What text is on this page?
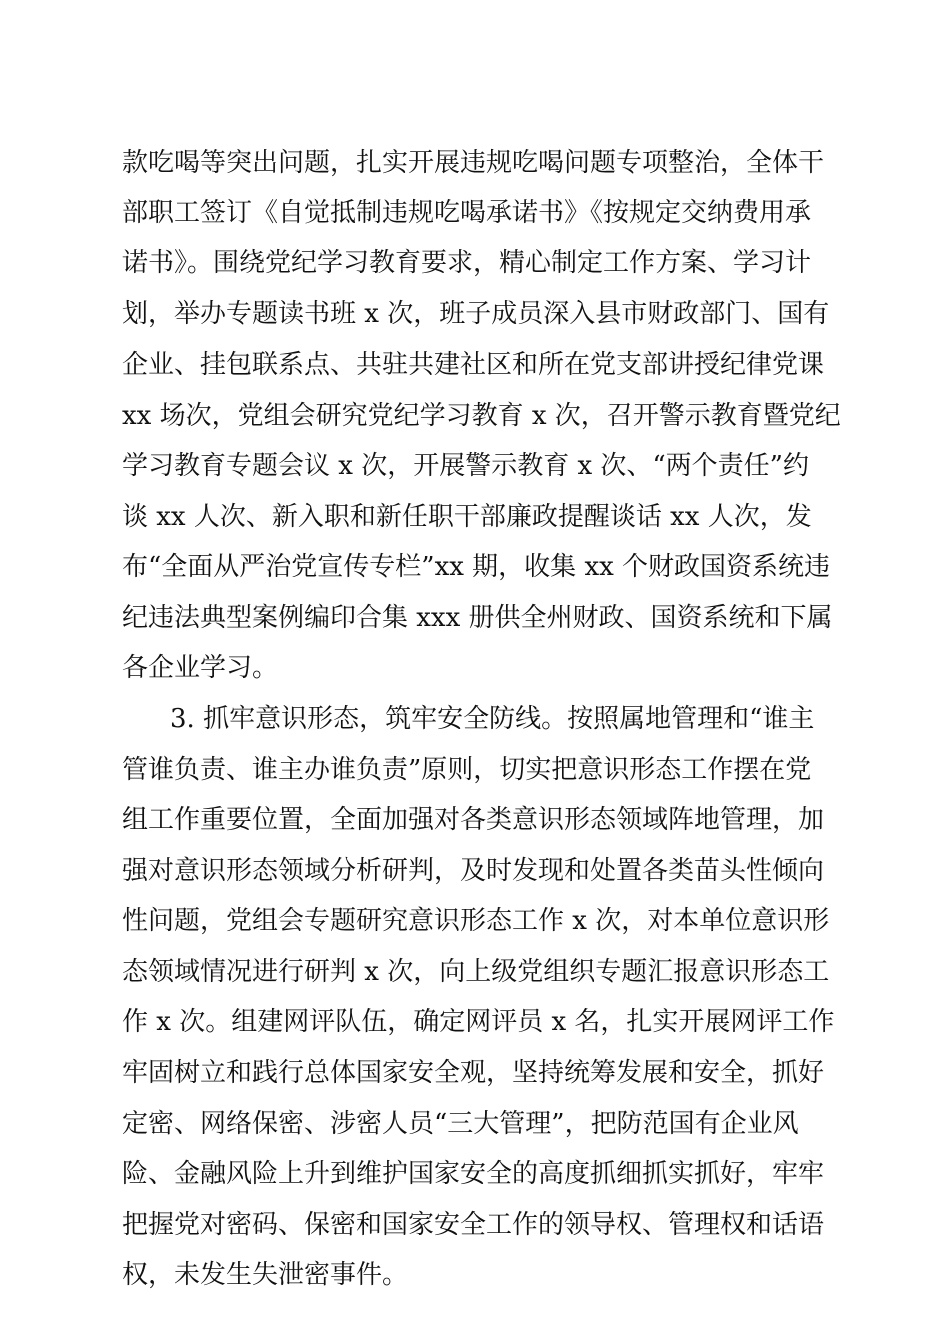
款吃喝等突出问题，扎实开展违规吃喝问题专项整治，全体干
部职工签订《自觉抵制违规吃喝承诺书》《按规定交纳费用承
诺书》。围绕党纪学习教育要求，精心制定工作方案、学习计
划，举办专题读书班 x 次，班子成员深入县市财政部门、国有
企业、挂包联系点、共驻共建社区和所在党支部讲授纪律党课
xx 场次，党组会研究党纪学习教育 x 次，召开警示教育暨党纪
学习教育专题会议 x 次，开展警示教育 x 次、“两个责任”约
谈 xx 人次、新入职和新任职干部廉政提醒谈话 xx 人次，发
布“全面从严治党宣传专栏”xx 期，收集 xx 个财政国资系统违
纪违法典型案例编印合集 xxx 册供全州财政、国资系统和下属
各企业学习。
3. 抓牢意识形态，筑牢安全防线。按照属地管理和“谁主
管谁负责、谁主办谁负责”原则，切实把意识形态工作摆在党
组工作重要位置，全面加强对各类意识形态领域阵地管理，加
强对意识形态领域分析研判，及时发现和处置各类苗头性倾向
性问题，党组会专题研究意识形态工作 x 次，对本单位意识形
态领域情况进行研判 x 次，向上级党组织专题汇报意识形态工
作 x 次。组建网评队伍，确定网评员 x 名，扎实开展网评工作
牢固树立和践行总体国家安全观，坚持统筹发展和安全，抓好
定密、网络保密、涉密人员“三大管理”，把防范国有企业风
险、金融风险上升到维护国家安全的高度抓细抓实抓好，牢牢
把握党对密码、保密和国家安全工作的领导权、管理权和话语
权，未发生失泄密事件。
